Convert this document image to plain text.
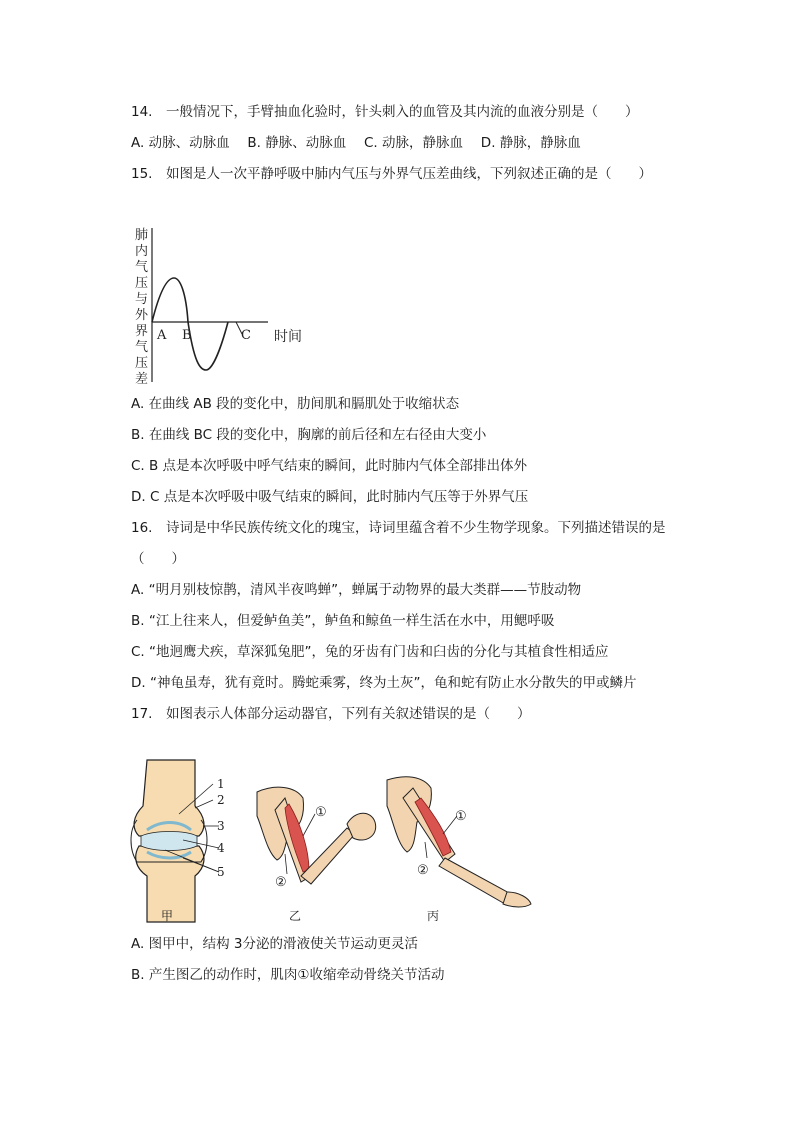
14.　一般情况下，手臂抽血化验时，针头刺入的血管及其内流的血液分别是（　　）
A. 动脉、动脉血　 B. 静脉、动脉血　 C. 动脉，静脉血　 D. 静脉，静脉血
15.　如图是人一次平静呼吸中肺内气压与外界气压差曲线，下列叙述正确的是（　　）
肺
内
气
压
与
外
界
气
压
差
A B	C 时间
A. 在曲线 AB 段的变化中，肋间肌和膈肌处于收缩状态
B. 在曲线 BC 段的变化中，胸廓的前后径和左右径由大变小
C. B 点是本次呼吸中呼气结束的瞬间，此时肺内气体全部排出体外
D. C 点是本次呼吸中吸气结束的瞬间，此时肺内气压等于外界气压
16.　诗词是中华民族传统文化的瑰宝，诗词里蕴含着不少生物学现象。下列描述错误的是
（　　）
A. “明月别枝惊鹊，清风半夜鸣蝉”，蝉属于动物界的最大类群——节肢动物
B. “江上往来人，但爱鲈鱼美”，鲈鱼和鲸鱼一样生活在水中，用鳃呼吸
C. “地迥鹰犬疾，草深狐兔肥”，兔的牙齿有门齿和臼齿的分化与其植食性相适应
D. “神龟虽寿，犹有竟时。腾蛇乘雾，终为土灰”，龟和蛇有防止水分散失的甲或鳞片
17.　如图表示人体部分运动器官，下列有关叙述错误的是（　　）
1
2
3
4
5
甲
①
②
乙
①
②
丙
A. 图甲中，结构 3分泌的滑液使关节运动更灵活
B. 产生图乙的动作时，肌肉①收缩牵动骨绕关节活动
